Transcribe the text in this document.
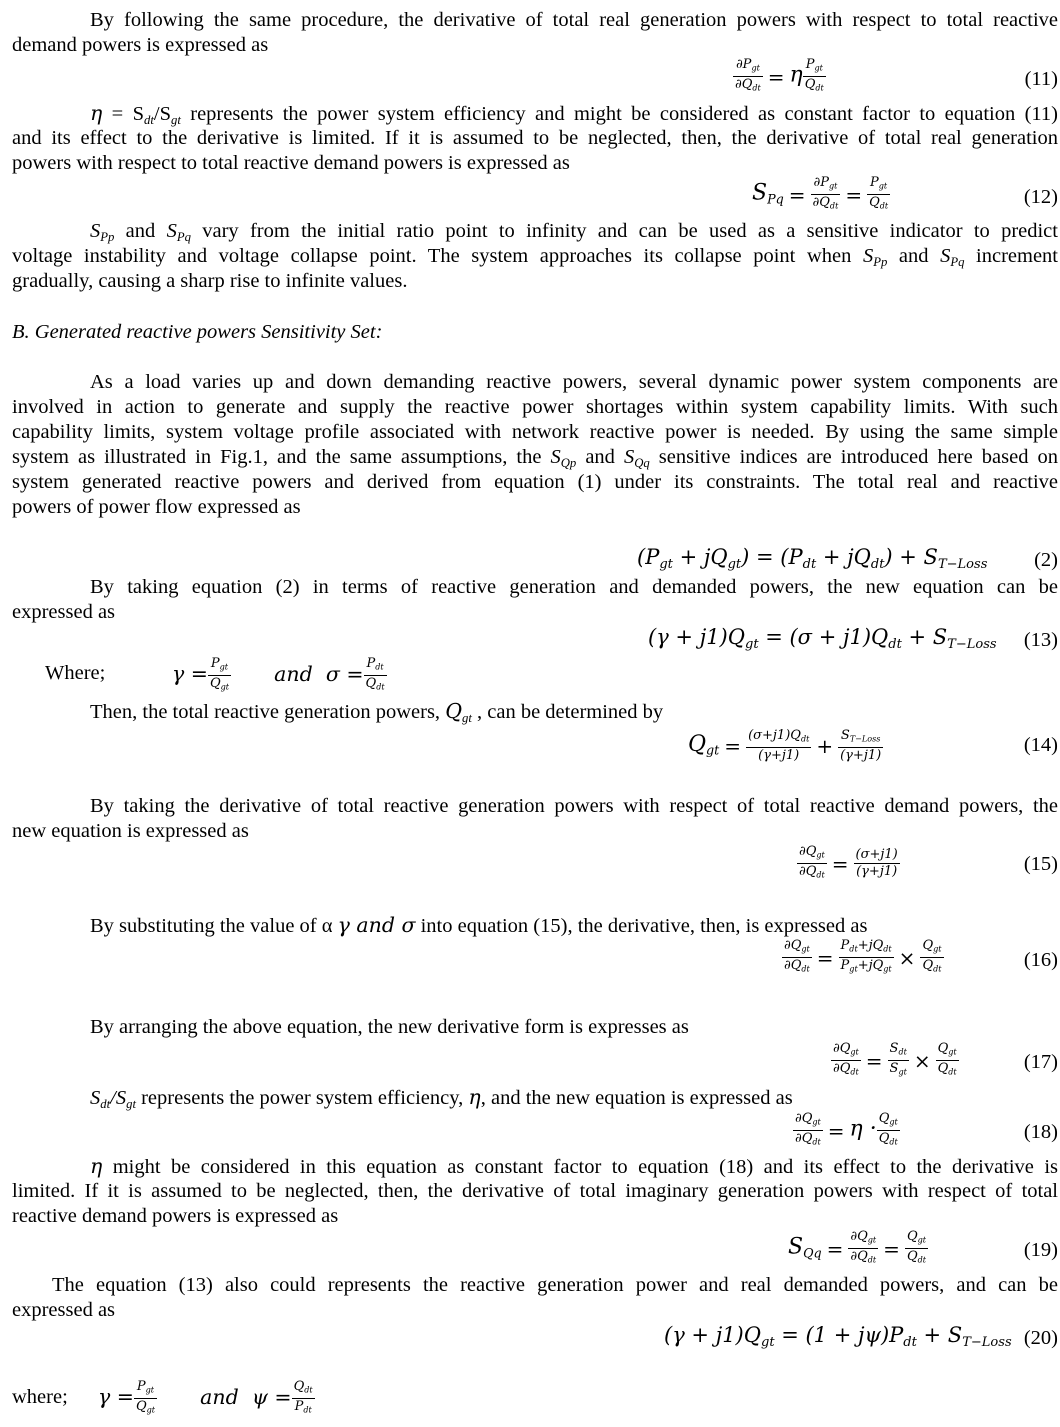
By following the same procedure, the derivative of total real generation powers with respect to total reactive
demand powers is expressed as
$\frac{\partial P_{gt}}{\partial Q_{dt}} = \eta \frac{P_{gt}}{Q_{dt}}$	(11)
$\eta = S_{dt}/S_{gt}$ represents the power system efficiency and might be considered as constant factor to equation (11)
and its effect to the derivative is limited. If it is assumed to be neglected, then, the derivative of total real generation
powers with respect to total reactive demand powers is expressed as
$S_{Pq} = \frac{\partial P_{gt}}{\partial Q_{dt}} = \frac{P_{gt}}{Q_{dt}}$	(12)
$S_{Pp}$ and $S_{Pq}$ vary from the initial ratio point to infinity and can be used as a sensitive indicator to predict
voltage instability and voltage collapse point. The system approaches its collapse point when $S_{Pp}$ and $S_{Pq}$ increment
gradually, causing a sharp rise to infinite values.
B. Generated reactive powers Sensitivity Set:
As a load varies up and down demanding reactive powers, several dynamic power system components are
involved in action to generate and supply the reactive power shortages within system capability limits. With such
capability limits, system voltage profile associated with network reactive power is needed. By using the same simple
system as illustrated in Fig.1, and the same assumptions, the $S_{Qp}$ and $S_{Qq}$ sensitive indices are introduced here based on
system generated reactive powers and derived from equation (1) under its constraints. The total real and reactive
powers of power flow expressed as
$(P_{gt} + jQ_{gt}) = (P_{dt} + jQ_{dt}) + S_{T-Loss}$ (2)
By taking equation (2) in terms of reactive generation and demanded powers, the new equation can be
expressed as
$(\gamma + j1)Q_{gt} = (\sigma + j1)Q_{dt} + S_{T-Loss}$ (13)
Where;	$\gamma = \frac{P_{gt}}{Q_{gt}}$ and $\sigma = \frac{P_{dt}}{Q_{dt}}$
Then, the total reactive generation powers, $Q_{gt}$ , can be determined by
$Q_{gt} = \frac{(\sigma+j1)Q_{dt}}{(\gamma+j1)} + \frac{S_{T-Loss}}{(\gamma+j1)}$	(14)
By taking the derivative of total reactive generation powers with respect of total reactive demand powers, the
new equation is expressed as
$\frac{\partial Q_{gt}}{\partial Q_{dt}} = \frac{(\sigma+j1)}{(\gamma+j1)}$	(15)
By substituting the value of α γ and σ into equation (15), the derivative, then, is expressed as
$\frac{\partial Q_{gt}}{\partial Q_{dt}} = \frac{P_{dt}+jQ_{dt}}{P_{gt}+jQ_{gt}} \times \frac{Q_{gt}}{Q_{dt}}$	(16)
By arranging the above equation, the new derivative form is expresses as
$\frac{\partial Q_{gt}}{\partial Q_{dt}} = \frac{S_{dt}}{S_{gt}} \times \frac{Q_{gt}}{Q_{dt}}$	(17)
$S_{dt}/S_{gt}$ represents the power system efficiency, η, and the new equation is expressed as
$\frac{\partial Q_{gt}}{\partial Q_{dt}} = \eta \cdot \frac{Q_{gt}}{Q_{dt}}$	(18)
η might be considered in this equation as constant factor to equation (18) and its effect to the derivative is
limited. If it is assumed to be neglected, then, the derivative of total imaginary generation powers with respect of total
reactive demand powers is expressed as
$S_{Qq} = \frac{\partial Q_{gt}}{\partial Q_{dt}} = \frac{Q_{gt}}{Q_{dt}}$	(19)
The equation (13) also could represents the reactive generation power and real demanded powers, and can be
expressed as
$(\gamma + j1)Q_{gt} = (1 + j\psi)P_{dt} + S_{T-Loss}$ (20)
where; $\gamma = \frac{P_{gt}}{Q_{gt}}$ and $\psi = \frac{Q_{dt}}{P_{dt}}$
